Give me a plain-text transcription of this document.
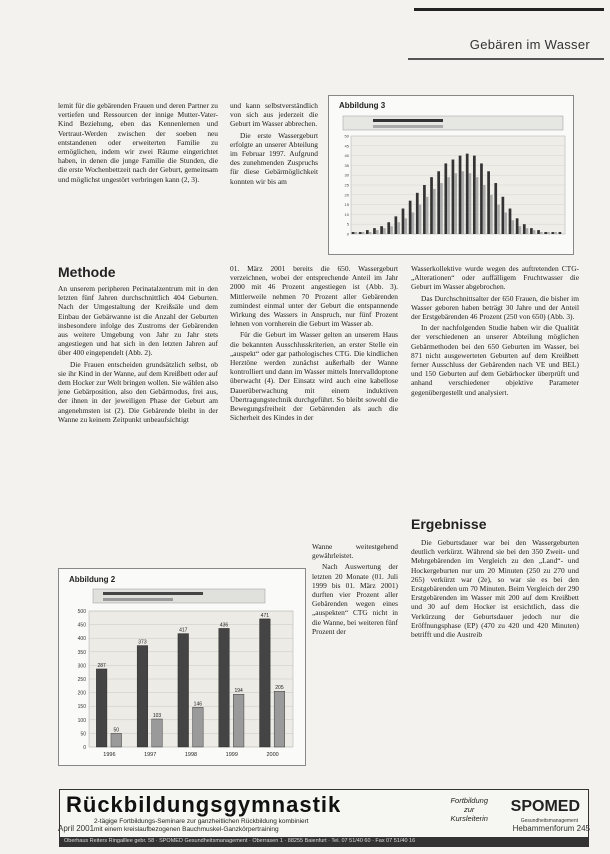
Gebären im Wasser

lemit für die gebärenden Frauen und deren Partner zu vertiefen und Ressourcen der innige Mutter-Vater-Kind Beziehung, eben das Kennenlernen und Vertraut-Werden zwischen der soeben neu entstandenen oder erweiterten Familie zu ermöglichen, indem wir zwei Räume eingerichtet haben, in denen die junge Familie die Stunden, die die erste Wochenbettzeit nach der Geburt, gemeinsam und möglichst ungestört verbringen kann (2, 3).

Methode

An unserem peripheren Perinatalzentrum mit in den letzten fünf Jahren durchschnittlich 404 Geburten. Nach der Umgestaltung der Kreißsäle und dem Einbau der Gebärwanne ist die Anzahl der Geburten insbesondere infolge des Zustroms der Gebärenden aus weitere Umgebung von Jahr zu Jahr stets angestiegen und hat sich in den letzten Jahren auf über 400 eingependelt (Abb. 2).

Die Frauen entscheiden grundsätzlich selbst, ob sie ihr Kind in der Wanne, auf dem Kreißbett oder auf dem Hocker zur Welt bringen wollen. Sie wählen also jene Gebärposition, also den Gebärmodus, frei aus, der ihnen in der jeweiligen Phase der Geburt am angenehmsten ist (2). Die Gebärende bleibt in der Wanne zu keinem Zeitpunkt unbeaufsichtigt

und kann selbstverständlich von sich aus jederzeit die Geburt im Wasser abbrechen.

Die erste Wassergeburt erfolgte an unserer Abteilung im Februar 1997. Aufgrund des zunehmenden Zuspruchs für diese Gebärmöglichkeit konnten wir bis am

01. März 2001 bereits die 650. Wassergeburt verzeichnen, wobei der entsprechende Anteil im Jahr 2000 mit 46 Prozent angestiegen ist (Abb. 3). Mittlerweile nehmen 70 Prozent aller Gebärenden zumindest einmal unter der Geburt die entspannende Wirkung des Wassers in Anspruch, nur fünf Prozent lehnen von vornherein die Geburt im Wasser ab.

Für die Geburt im Wasser gelten an unserem Haus die bekannten Ausschlusskriterien, an erster Stelle ein „auspekt“ oder gar pathologisches CTG. Die kindlichen Herztöne werden zunächst außerhalb der Wanne kontrolliert und dann im Wasser mittels Intervalldoptone überwacht (4). Der Einsatz wird auch eine kabellose Dauerüberwachung mit einem induktiven Übertragungstechnik durchgeführt. So bleibt sowohl die Bewegungsfreiheit der Gebärenden als auch die Sicherheit des Kindes in der

Wanne weitestgehend gewährleistet.

Nach Auswertung der letzten 20 Monate (01. Juli 1999 bis 01. März 2001) durften vier Prozent aller Gebärenden wegen eines „auspekten“ CTG nicht in die Wanne, bei weiteren fünf Prozent der

Wasserkollektive wurde wegen des auftretenden CTG-„Alterationen“ oder auffälligem Fruchtwasser die Geburt im Wasser abgebrochen.

Das Durchschnittsalter der 650 Frauen, die bisher im Wasser geboren haben beträgt 30 Jahre und der Anteil der Erstgebärenden 46 Prozent (250 von 650) (Abb. 3).

In der nachfolgenden Studie haben wir die Qualität der verschiedenen an unserer Abteilung möglichen Gebärmethoden bei den 650 Geburten im Wasser, bei 871 nicht ausgewerteten Geburten auf dem Kreißbett ferner Ausschluss der Gebärenden nach VE und BEL) und 150 Geburten auf dem Gebärhocker überprüft und anhand verschiedener objektive Parameter gegenübergestellt und analysiert.

Ergebnisse

Die Geburtsdauer war bei den Wassergeburten deutlich verkürzt. Während sie bei den 350 Zweit- und Mehrgebärenden im Vergleich zu den „Land“- und Hockergeburten nur um 20 Minuten (250 zu 270 und 265) verkürzt war (2e), so war sie es bei den Erstgebärenden um 70 Minuten. Beim Vergleich der 290 Erstgebärenden im Wasser mit 200 auf dem Kreißbett und 30 auf dem Hocker ist ersichtlich, dass die Verkürzung der Geburtsdauer jedoch nur die Eröffnungsphase (EP) (470 zu 420 und 420 Minuten) betrifft und die Austreib

Abbildung 3
0
5
10
15
20
25
30
35
40
45
50
Abbildung 2
0
50
100
150
200
250
300
350
400
450
500
287
50
1996
373
103
1997
417
146
1998
436
194
1999
471
205
2000
Rückbildungsgymnastik
2-tägige Fortbildungs-Seminare zur ganzheitlichen Rückbildung kombiniert
mit einem kreislaufbezogenen Bauchmuskel-Ganzkörpertraining
Fortbildung
zur
Kursleiterin
SPOMED
Gesundheitsmanagement
Oberhaus Reiters Ringalllee gebr. 58 · SPOMED Gesundheitsmanagement · Oberrasen 1 · 88255 Baienfurt · Tel. 07 51/40 60 · Fax 07 51/40 16
April 2001	Hebammenforum 245
